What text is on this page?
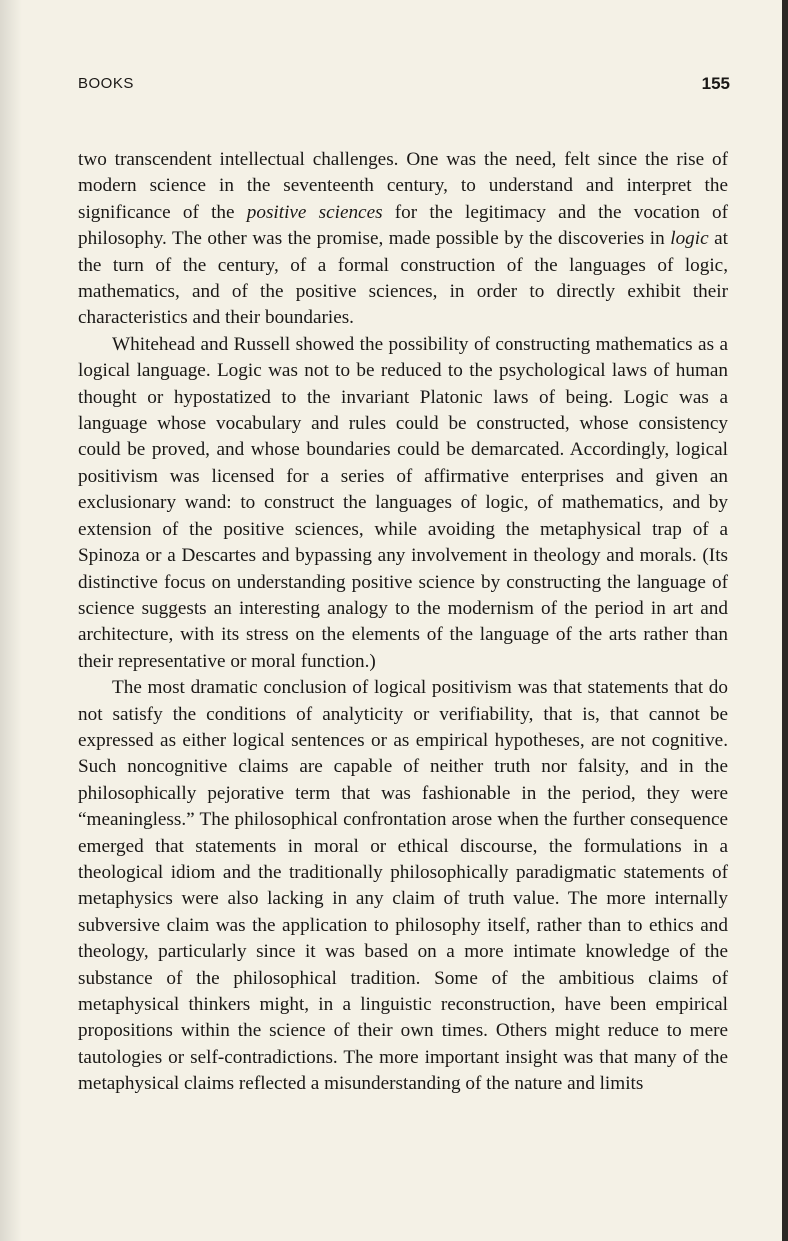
BOOKS	155

two transcendent intellectual challenges. One was the need, felt since the rise of modern science in the seventeenth century, to understand and interpret the significance of the positive sciences for the legitimacy and the vocation of philosophy. The other was the promise, made possible by the discoveries in logic at the turn of the century, of a formal construction of the languages of logic, mathematics, and of the positive sciences, in order to directly exhibit their characteristics and their boundaries.

Whitehead and Russell showed the possibility of constructing mathematics as a logical language. Logic was not to be reduced to the psychological laws of human thought or hypostatized to the invariant Platonic laws of being. Logic was a language whose vocabulary and rules could be constructed, whose consistency could be proved, and whose boundaries could be demarcated. Accordingly, logical positivism was licensed for a series of affirmative enterprises and given an exclusionary wand: to construct the languages of logic, of mathematics, and by extension of the positive sciences, while avoiding the metaphysical trap of a Spinoza or a Descartes and bypassing any involvement in theology and morals. (Its distinctive focus on understanding positive science by constructing the language of science suggests an interesting analogy to the modernism of the period in art and architecture, with its stress on the elements of the language of the arts rather than their representative or moral function.)

The most dramatic conclusion of logical positivism was that statements that do not satisfy the conditions of analyticity or verifiability, that is, that cannot be expressed as either logical sentences or as empirical hypotheses, are not cognitive. Such noncognitive claims are capable of neither truth nor falsity, and in the philosophically pejorative term that was fashionable in the period, they were “meaningless.” The philosophical confrontation arose when the further consequence emerged that statements in moral or ethical discourse, the formulations in a theological idiom and the traditionally philosophically paradigmatic statements of metaphysics were also lacking in any claim of truth value. The more internally subversive claim was the application to philosophy itself, rather than to ethics and theology, particularly since it was based on a more intimate knowledge of the substance of the philosophical tradition. Some of the ambitious claims of metaphysical thinkers might, in a linguistic reconstruction, have been empirical propositions within the science of their own times. Others might reduce to mere tautologies or self-contradictions. The more important insight was that many of the metaphysical claims reflected a misunderstanding of the nature and limits
